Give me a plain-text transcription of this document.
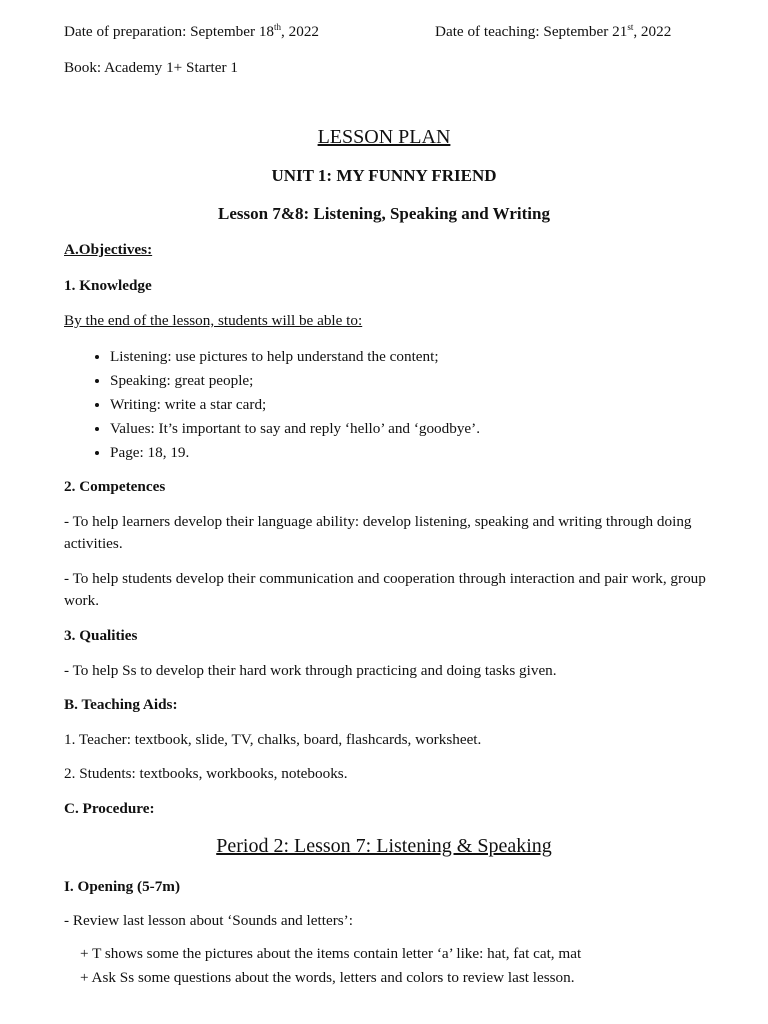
Date of preparation: September 18th, 2022	Date of teaching: September 21st, 2022
Book: Academy 1+ Starter 1
LESSON PLAN
UNIT 1: MY FUNNY FRIEND
Lesson 7&8: Listening, Speaking and Writing
A.Objectives:
1. Knowledge
By the end of the lesson, students will be able to:
• Listening: use pictures to help understand the content;
• Speaking: great people;
• Writing: write a star card;
• Values: It’s important to say and reply ‘hello’ and ‘goodbye’.
• Page: 18, 19.
2. Competences
- To help learners develop their language ability: develop listening, speaking and writing through doing activities.
- To help students develop their communication and cooperation through interaction and pair work, group work.
3. Qualities
- To help Ss to develop their hard work through practicing and doing tasks given.
B. Teaching Aids:
1. Teacher: textbook, slide, TV, chalks, board, flashcards, worksheet.
2. Students: textbooks, workbooks, notebooks.
C. Procedure:
Period 2: Lesson 7: Listening & Speaking
I. Opening (5-7m)
- Review last lesson about ‘Sounds and letters’:
+ T shows some the pictures about the items contain letter ‘a’ like: hat, fat cat, mat
+ Ask Ss some questions about the words, letters and colors to review last lesson.
